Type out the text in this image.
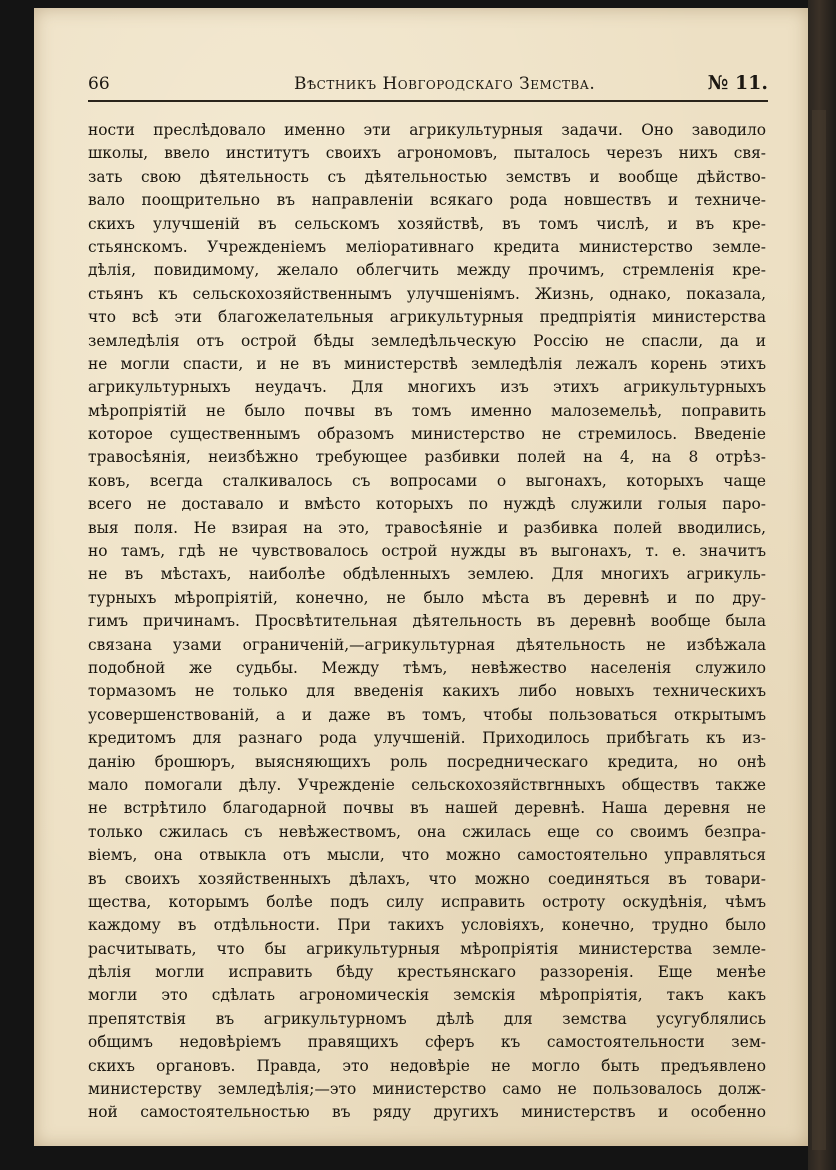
66	Вѣстникъ Новгородскаго Земства.	№ 11.
ности преслѣдовало именно эти агрикультурныя задачи. Оно заводило
школы, ввело институтъ своихъ агрономовъ, пыталось черезъ нихъ свя-
зать свою дѣятельность съ дѣятельностью земствъ и вообще дѣйство-
вало поощрительно въ направленіи всякаго рода новшествъ и техниче-
скихъ улучшеній въ сельскомъ хозяйствѣ, въ томъ числѣ, и въ кре-
стьянскомъ. Учрежденіемъ меліоративнаго кредита министерство земле-
дѣлія, повидимому, желало облегчить между прочимъ, стремленія кре-
стьянъ къ сельскохозяйственнымъ улучшеніямъ. Жизнь, однако, показала,
что всѣ эти благожелательныя агрикультурныя предпріятія министерства
земледѣлія отъ острой бѣды земледѣльческую Россію не спасли, да и
не могли спасти, и не въ министерствѣ земледѣлія лежалъ корень этихъ
агрикультурныхъ неудачъ. Для многихъ изъ этихъ агрикультурныхъ
мѣропріятій не было почвы въ томъ именно малоземельѣ, поправить
которое существеннымъ образомъ министерство не стремилось. Введеніе
травосѣянія, неизбѣжно требующее разбивки полей на 4, на 8 отрѣз-
ковъ, всегда сталкивалось съ вопросами о выгонахъ, которыхъ чаще
всего не доставало и вмѣсто которыхъ по нуждѣ служили голыя паро-
выя поля. Не взирая на это, травосѣяніе и разбивка полей вводились,
но тамъ, гдѣ не чувствовалось острой нужды въ выгонахъ, т. е. значитъ
не въ мѣстахъ, наиболѣе обдѣленныхъ землею. Для многихъ агрикуль-
турныхъ мѣропріятій, конечно, не было мѣста въ деревнѣ и по дру-
гимъ причинамъ. Просвѣтительная дѣятельность въ деревнѣ вообще была
связана узами ограниченій,—агрикультурная дѣятельность не избѣжала
подобной же судьбы. Между тѣмъ, невѣжество населенія служило
тормазомъ не только для введенія какихъ либо новыхъ техническихъ
усовершенствованій, а и даже въ томъ, чтобы пользоваться открытымъ
кредитомъ для разнаго рода улучшеній. Приходилось прибѣгать къ из-
данію брошюръ, выясняющихъ роль посредническаго кредита, но онѣ
мало помогали дѣлу. Учрежденіе сельскохозяйствrнныхъ обществъ также
не встрѣтило благодарной почвы въ нашей деревнѣ. Наша деревня не
только сжилась съ невѣжествомъ, она сжилась еще со своимъ безпра-
віемъ, она отвыкла отъ мысли, что можно самостоятельно управляться
въ своихъ хозяйственныхъ дѣлахъ, что можно соединяться въ товари-
щества, которымъ болѣе подъ силу исправить остроту оскудѣнія, чѣмъ
каждому въ отдѣльности. При такихъ условіяхъ, конечно, трудно было
расчитывать, что бы агрикультурныя мѣропріятія министерства земле-
дѣлія могли исправить бѣду крестьянскаго раззоренія. Еще менѣе
могли это сдѣлать агрономическія земскія мѣропріятія, такъ какъ
препятствія въ агрикультурномъ дѣлѣ для земства усугублялись
общимъ недовѣріемъ правящихъ сферъ къ самостоятельности зем-
скихъ органовъ. Правда, это недовѣріе не могло быть предъявлено
министерству земледѣлія;—это министерство само не пользовалось долж-
ной самостоятельностью въ ряду другихъ министерствъ и особенно
